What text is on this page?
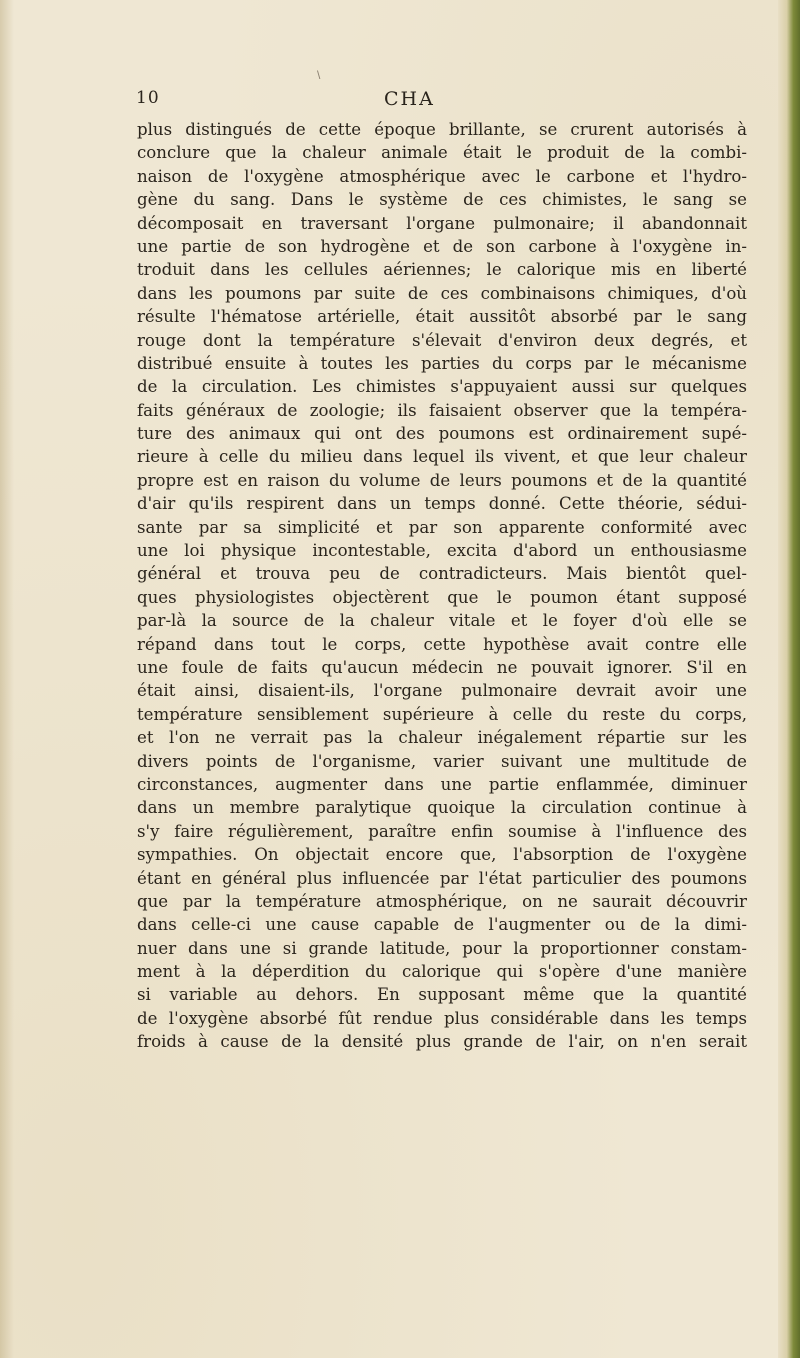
\
10	CHA
plus distingués de cette époque brillante, se crurent autorisés à
conclure que la chaleur animale était le produit de la combi-
naison de l'oxygène atmosphérique avec le carbone et l'hydro-
gène du sang. Dans le système de ces chimistes, le sang se
décomposait en traversant l'organe pulmonaire; il abandonnait
une partie de son hydrogène et de son carbone à l'oxygène in-
troduit dans les cellules aériennes; le calorique mis en liberté
dans les poumons par suite de ces combinaisons chimiques, d'où
résulte l'hématose artérielle, était aussitôt absorbé par le sang
rouge dont la température s'élevait d'environ deux degrés, et
distribué ensuite à toutes les parties du corps par le mécanisme
de la circulation. Les chimistes s'appuyaient aussi sur quelques
faits généraux de zoologie; ils faisaient observer que la tempéra-
ture des animaux qui ont des poumons est ordinairement supé-
rieure à celle du milieu dans lequel ils vivent, et que leur chaleur
propre est en raison du volume de leurs poumons et de la quantité
d'air qu'ils respirent dans un temps donné. Cette théorie, sédui-
sante par sa simplicité et par son apparente conformité avec
une loi physique incontestable, excita d'abord un enthousiasme
général et trouva peu de contradicteurs. Mais bientôt quel-
ques physiologistes objectèrent que le poumon étant supposé
par-là la source de la chaleur vitale et le foyer d'où elle se
répand dans tout le corps, cette hypothèse avait contre elle
une foule de faits qu'aucun médecin ne pouvait ignorer. S'il en
était ainsi, disaient-ils, l'organe pulmonaire devrait avoir une
température sensiblement supérieure à celle du reste du corps,
et l'on ne verrait pas la chaleur inégalement répartie sur les
divers points de l'organisme, varier suivant une multitude de
circonstances, augmenter dans une partie enflammée, diminuer
dans un membre paralytique quoique la circulation continue à
s'y faire régulièrement, paraître enfin soumise à l'influence des
sympathies. On objectait encore que, l'absorption de l'oxygène
étant en général plus influencée par l'état particulier des poumons
que par la température atmosphérique, on ne saurait découvrir
dans celle-ci une cause capable de l'augmenter ou de la dimi-
nuer dans une si grande latitude, pour la proportionner constam-
ment à la déperdition du calorique qui s'opère d'une manière
si variable au dehors. En supposant même que la quantité
de l'oxygène absorbé fût rendue plus considérable dans les temps
froids à cause de la densité plus grande de l'air, on n'en serait
